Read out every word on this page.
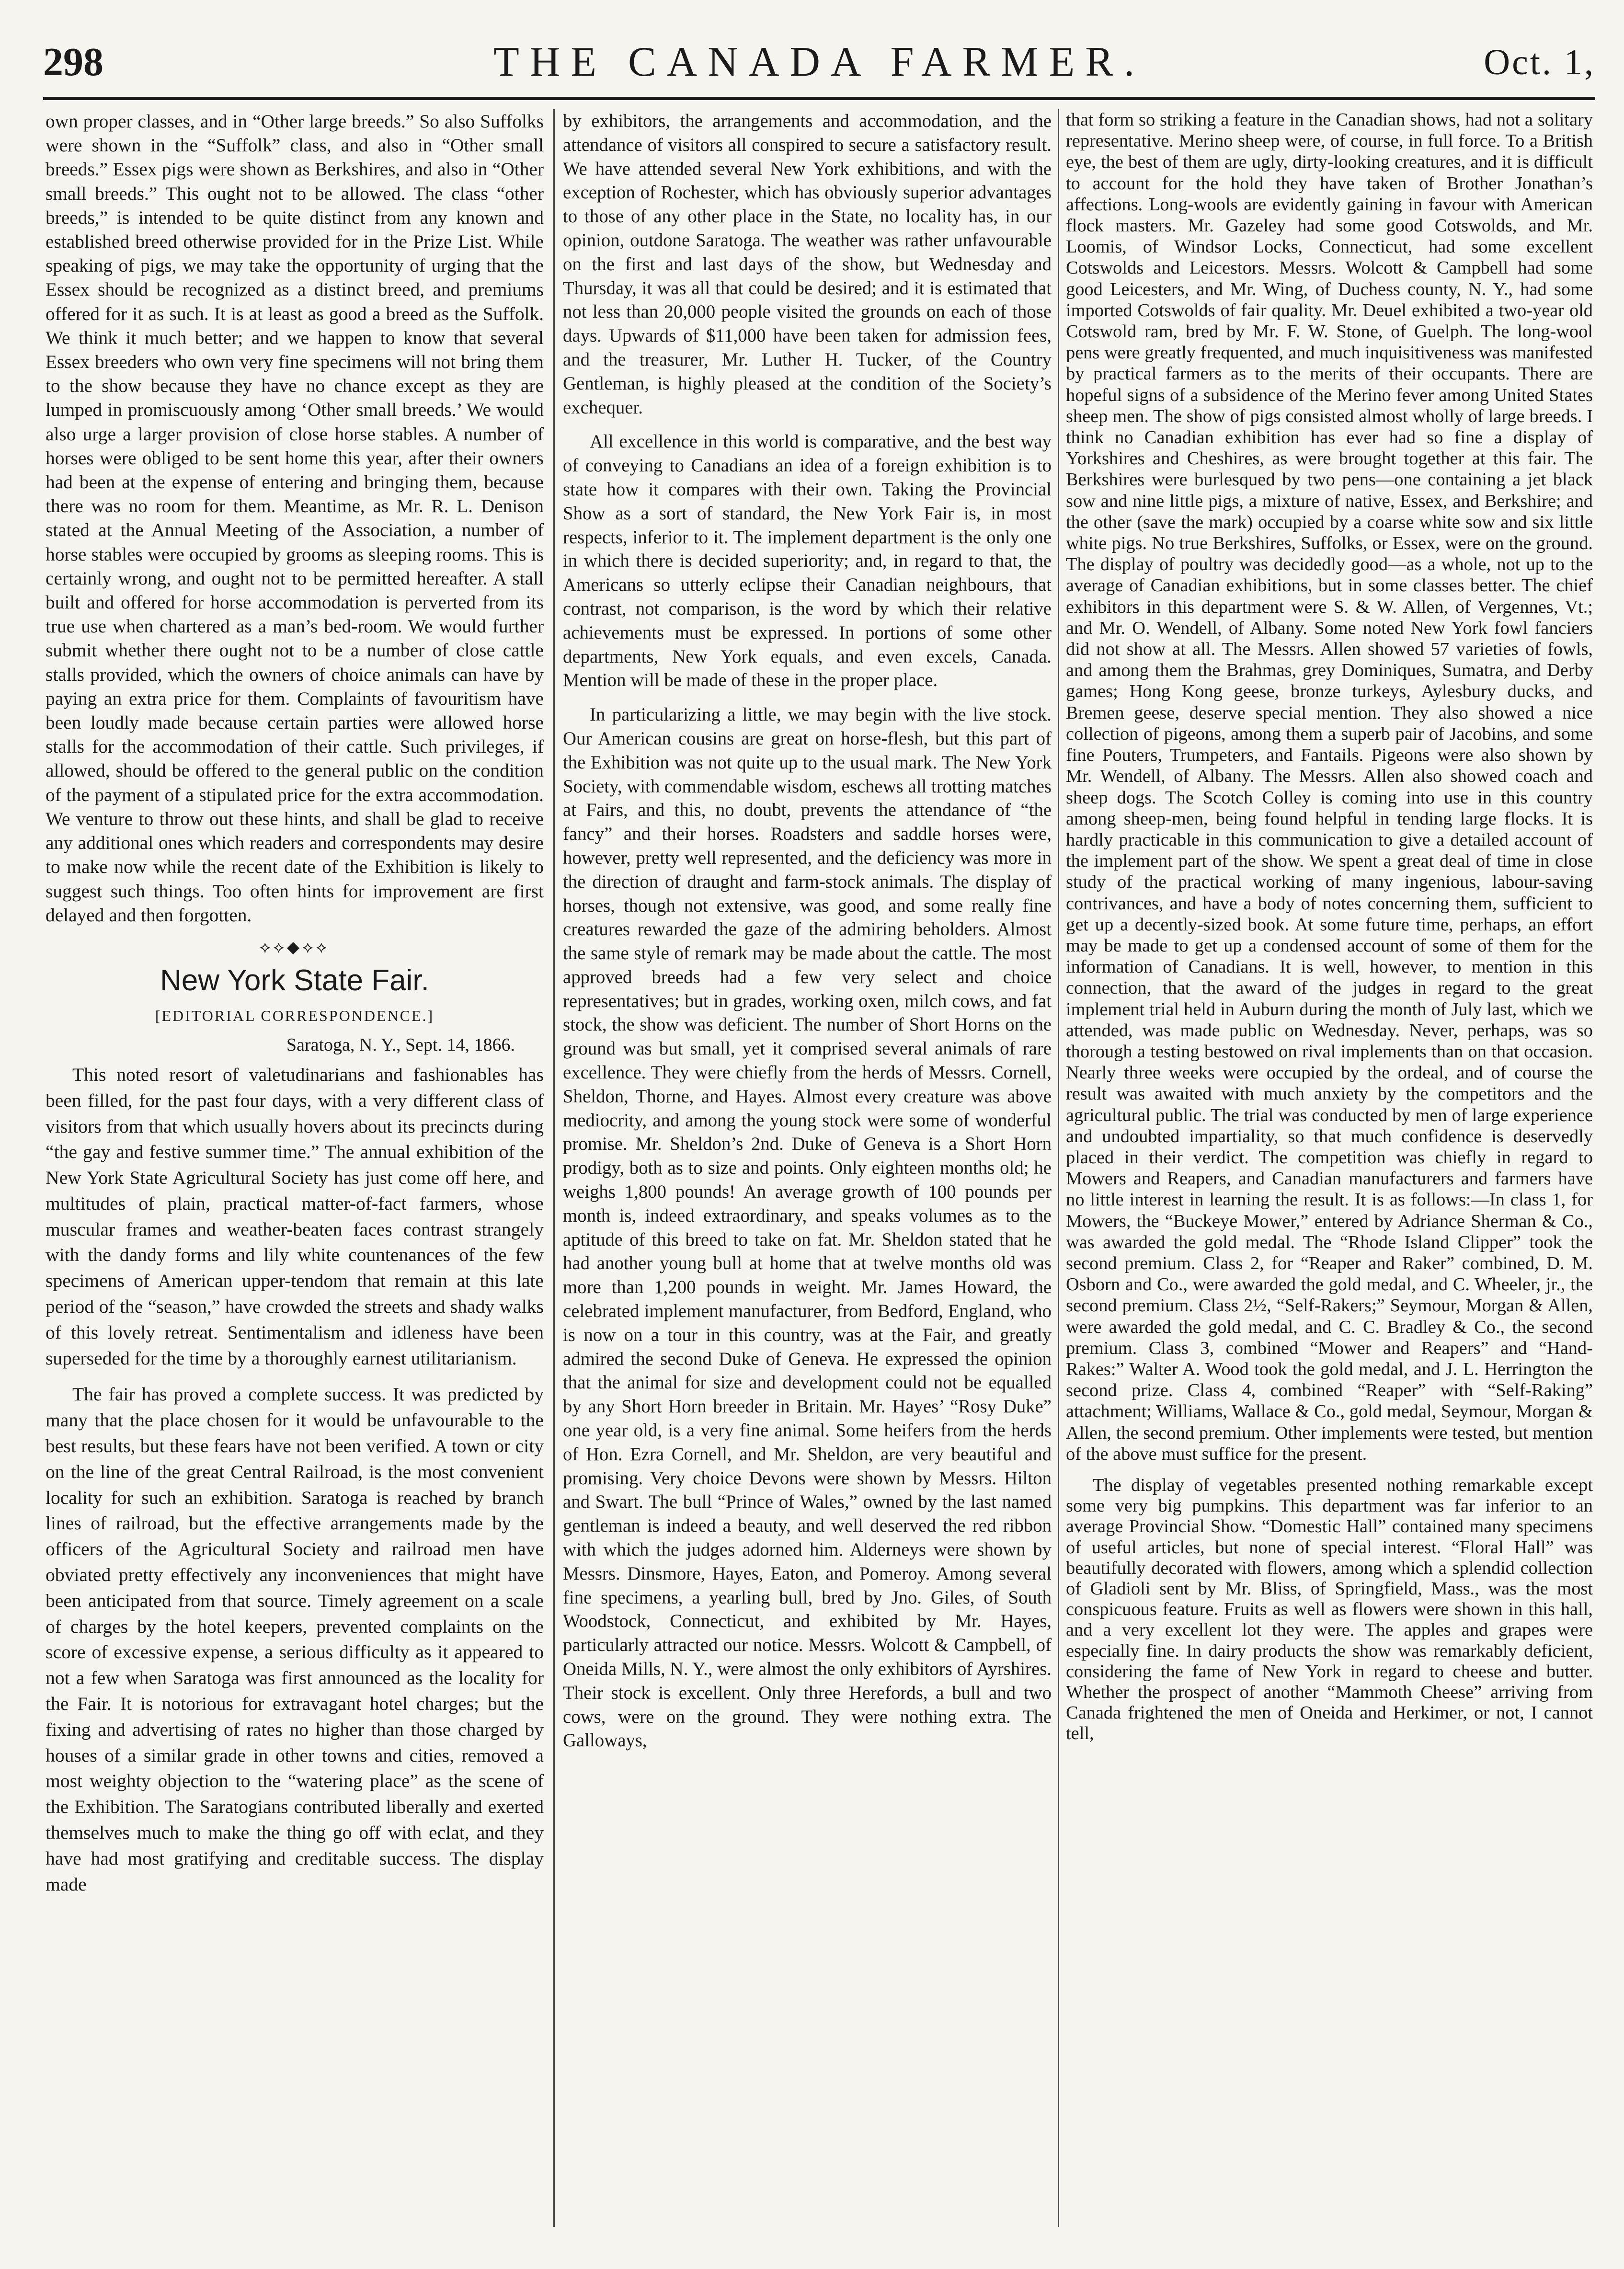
298	THE CANADA FARMER.	Oct. 1,

own proper classes, and in “Other large breeds.” So also Suffolks were shown in the “Suffolk” class, and also in “Other small breeds.” Essex pigs were shown as Berkshires, and also in “Other small breeds.” This ought not to be allowed. The class “other breeds,” is intended to be quite distinct from any known and established breed otherwise provided for in the Prize List. While speaking of pigs, we may take the opportunity of urging that the Essex should be recognized as a distinct breed, and premiums offered for it as such. It is at least as good a breed as the Suffolk. We think it much better; and we happen to know that several Essex breeders who own very fine specimens will not bring them to the show because they have no chance except as they are lumped in promiscuously among ‘Other small breeds.’ We would also urge a larger provision of close horse stables. A number of horses were obliged to be sent home this year, after their owners had been at the expense of entering and bringing them, because there was no room for them. Meantime, as Mr. R. L. Denison stated at the Annual Meeting of the Association, a number of horse stables were occupied by grooms as sleeping rooms. This is certainly wrong, and ought not to be permitted hereafter. A stall built and offered for horse accommodation is perverted from its true use when chartered as a man’s bed-room. We would further submit whether there ought not to be a number of close cattle stalls provided, which the owners of choice animals can have by paying an extra price for them. Complaints of favouritism have been loudly made because certain parties were allowed horse stalls for the accommodation of their cattle. Such privileges, if allowed, should be offered to the general public on the condition of the payment of a stipulated price for the extra accommodation. We venture to throw out these hints, and shall be glad to receive any additional ones which readers and correspondents may desire to make now while the recent date of the Exhibition is likely to suggest such things. Too often hints for improvement are first delayed and then forgotten.

⟡⟡◆⟡⟡
New York State Fair.
[EDITORIAL CORRESPONDENCE.]
Saratoga, N. Y., Sept. 14, 1866.

This noted resort of valetudinarians and fashionables has been filled, for the past four days, with a very different class of visitors from that which usually hovers about its precincts during “the gay and festive summer time.” The annual exhibition of the New York State Agricultural Society has just come off here, and multitudes of plain, practical matter-of-fact farmers, whose muscular frames and weather-beaten faces contrast strangely with the dandy forms and lily white countenances of the few specimens of American upper-tendom that remain at this late period of the “season,” have crowded the streets and shady walks of this lovely retreat. Sentimentalism and idleness have been superseded for the time by a thoroughly earnest utilitarianism.

The fair has proved a complete success. It was predicted by many that the place chosen for it would be unfavourable to the best results, but these fears have not been verified. A town or city on the line of the great Central Railroad, is the most convenient locality for such an exhibition. Saratoga is reached by branch lines of railroad, but the effective arrangements made by the officers of the Agricultural Society and railroad men have obviated pretty effectively any inconveniences that might have been anticipated from that source. Timely agreement on a scale of charges by the hotel keepers, prevented complaints on the score of excessive expense, a serious difficulty as it appeared to not a few when Saratoga was first announced as the locality for the Fair. It is notorious for extravagant hotel charges; but the fixing and advertising of rates no higher than those charged by houses of a similar grade in other towns and cities, removed a most weighty objection to the “watering place” as the scene of the Exhibition. The Saratogians contributed liberally and exerted themselves much to make the thing go off with eclat, and they have had most gratifying and creditable success. The display made

by exhibitors, the arrangements and accommodation, and the attendance of visitors all conspired to secure a satisfactory result. We have attended several New York exhibitions, and with the exception of Rochester, which has obviously superior advantages to those of any other place in the State, no locality has, in our opinion, outdone Saratoga. The weather was rather unfavourable on the first and last days of the show, but Wednesday and Thursday, it was all that could be desired; and it is estimated that not less than 20,000 people visited the grounds on each of those days. Upwards of $11,000 have been taken for admission fees, and the treasurer, Mr. Luther H. Tucker, of the Country Gentleman, is highly pleased at the condition of the Society’s exchequer.

All excellence in this world is comparative, and the best way of conveying to Canadians an idea of a foreign exhibition is to state how it compares with their own. Taking the Provincial Show as a sort of standard, the New York Fair is, in most respects, inferior to it. The implement department is the only one in which there is decided superiority; and, in regard to that, the Americans so utterly eclipse their Canadian neighbours, that contrast, not comparison, is the word by which their relative achievements must be expressed. In portions of some other departments, New York equals, and even excels, Canada. Mention will be made of these in the proper place.

In particularizing a little, we may begin with the live stock. Our American cousins are great on horse-flesh, but this part of the Exhibition was not quite up to the usual mark. The New York Society, with commendable wisdom, eschews all trotting matches at Fairs, and this, no doubt, prevents the attendance of “the fancy” and their horses. Roadsters and saddle horses were, however, pretty well represented, and the deficiency was more in the direction of draught and farm-stock animals. The display of horses, though not extensive, was good, and some really fine creatures rewarded the gaze of the admiring beholders. Almost the same style of remark may be made about the cattle. The most approved breeds had a few very select and choice representatives; but in grades, working oxen, milch cows, and fat stock, the show was deficient. The number of Short Horns on the ground was but small, yet it comprised several animals of rare excellence. They were chiefly from the herds of Messrs. Cornell, Sheldon, Thorne, and Hayes. Almost every creature was above mediocrity, and among the young stock were some of wonderful promise. Mr. Sheldon’s 2nd. Duke of Geneva is a Short Horn prodigy, both as to size and points. Only eighteen months old; he weighs 1,800 pounds! An average growth of 100 pounds per month is, indeed extraordinary, and speaks volumes as to the aptitude of this breed to take on fat. Mr. Sheldon stated that he had another young bull at home that at twelve months old was more than 1,200 pounds in weight. Mr. James Howard, the celebrated implement manufacturer, from Bedford, England, who is now on a tour in this country, was at the Fair, and greatly admired the second Duke of Geneva. He expressed the opinion that the animal for size and development could not be equalled by any Short Horn breeder in Britain. Mr. Hayes’ “Rosy Duke” one year old, is a very fine animal. Some heifers from the herds of Hon. Ezra Cornell, and Mr. Sheldon, are very beautiful and promising. Very choice Devons were shown by Messrs. Hilton and Swart. The bull “Prince of Wales,” owned by the last named gentleman is indeed a beauty, and well deserved the red ribbon with which the judges adorned him. Alderneys were shown by Messrs. Dinsmore, Hayes, Eaton, and Pomeroy. Among several fine specimens, a yearling bull, bred by Jno. Giles, of South Woodstock, Connecticut, and exhibited by Mr. Hayes, particularly attracted our notice. Messrs. Wolcott & Campbell, of Oneida Mills, N. Y., were almost the only exhibitors of Ayrshires. Their stock is excellent. Only three Herefords, a bull and two cows, were on the ground. They were nothing extra. The Galloways,

that form so striking a feature in the Canadian shows, had not a solitary representative. Merino sheep were, of course, in full force. To a British eye, the best of them are ugly, dirty-looking creatures, and it is difficult to account for the hold they have taken of Brother Jonathan’s affections. Long-wools are evidently gaining in favour with American flock masters. Mr. Gazeley had some good Cotswolds, and Mr. Loomis, of Windsor Locks, Connecticut, had some excellent Cotswolds and Leicestors. Messrs. Wolcott & Campbell had some good Leicesters, and Mr. Wing, of Duchess county, N. Y., had some imported Cotswolds of fair quality. Mr. Deuel exhibited a two-year old Cotswold ram, bred by Mr. F. W. Stone, of Guelph. The long-wool pens were greatly frequented, and much inquisitiveness was manifested by practical farmers as to the merits of their occupants. There are hopeful signs of a subsidence of the Merino fever among United States sheep men. The show of pigs consisted almost wholly of large breeds. I think no Canadian exhibition has ever had so fine a display of Yorkshires and Cheshires, as were brought together at this fair. The Berkshires were burlesqued by two pens—one containing a jet black sow and nine little pigs, a mixture of native, Essex, and Berkshire; and the other (save the mark) occupied by a coarse white sow and six little white pigs. No true Berkshires, Suffolks, or Essex, were on the ground. The display of poultry was decidedly good—as a whole, not up to the average of Canadian exhibitions, but in some classes better. The chief exhibitors in this department were S. & W. Allen, of Vergennes, Vt.; and Mr. O. Wendell, of Albany. Some noted New York fowl fanciers did not show at all. The Messrs. Allen showed 57 varieties of fowls, and among them the Brahmas, grey Dominiques, Sumatra, and Derby games; Hong Kong geese, bronze turkeys, Aylesbury ducks, and Bremen geese, deserve special mention. They also showed a nice collection of pigeons, among them a superb pair of Jacobins, and some fine Pouters, Trumpeters, and Fantails. Pigeons were also shown by Mr. Wendell, of Albany. The Messrs. Allen also showed coach and sheep dogs. The Scotch Colley is coming into use in this country among sheep-men, being found helpful in tending large flocks. It is hardly practicable in this communication to give a detailed account of the implement part of the show. We spent a great deal of time in close study of the practical working of many ingenious, labour-saving contrivances, and have a body of notes concerning them, sufficient to get up a decently-sized book. At some future time, perhaps, an effort may be made to get up a condensed account of some of them for the information of Canadians. It is well, however, to mention in this connection, that the award of the judges in regard to the great implement trial held in Auburn during the month of July last, which we attended, was made public on Wednesday. Never, perhaps, was so thorough a testing bestowed on rival implements than on that occasion. Nearly three weeks were occupied by the ordeal, and of course the result was awaited with much anxiety by the competitors and the agricultural public. The trial was conducted by men of large experience and undoubted impartiality, so that much confidence is deservedly placed in their verdict. The competition was chiefly in regard to Mowers and Reapers, and Canadian manufacturers and farmers have no little interest in learning the result. It is as follows:—In class 1, for Mowers, the “Buckeye Mower,” entered by Adriance Sherman & Co., was awarded the gold medal. The “Rhode Island Clipper” took the second premium. Class 2, for “Reaper and Raker” combined, D. M. Osborn and Co., were awarded the gold medal, and C. Wheeler, jr., the second premium. Class 2½, “Self-Rakers;” Seymour, Morgan & Allen, were awarded the gold medal, and C. C. Bradley & Co., the second premium. Class 3, combined “Mower and Reapers” and “Hand-Rakes:” Walter A. Wood took the gold medal, and J. L. Herrington the second prize. Class 4, combined “Reaper” with “Self-Raking” attachment; Williams, Wallace & Co., gold medal, Seymour, Morgan & Allen, the second premium. Other implements were tested, but mention of the above must suffice for the present.

The display of vegetables presented nothing remarkable except some very big pumpkins. This department was far inferior to an average Provincial Show. “Domestic Hall” contained many specimens of useful articles, but none of special interest. “Floral Hall” was beautifully decorated with flowers, among which a splendid collection of Gladioli sent by Mr. Bliss, of Springfield, Mass., was the most conspicuous feature. Fruits as well as flowers were shown in this hall, and a very excellent lot they were. The apples and grapes were especially fine. In dairy products the show was remarkably deficient, considering the fame of New York in regard to cheese and butter. Whether the prospect of another “Mammoth Cheese” arriving from Canada frightened the men of Oneida and Herkimer, or not, I cannot tell,
